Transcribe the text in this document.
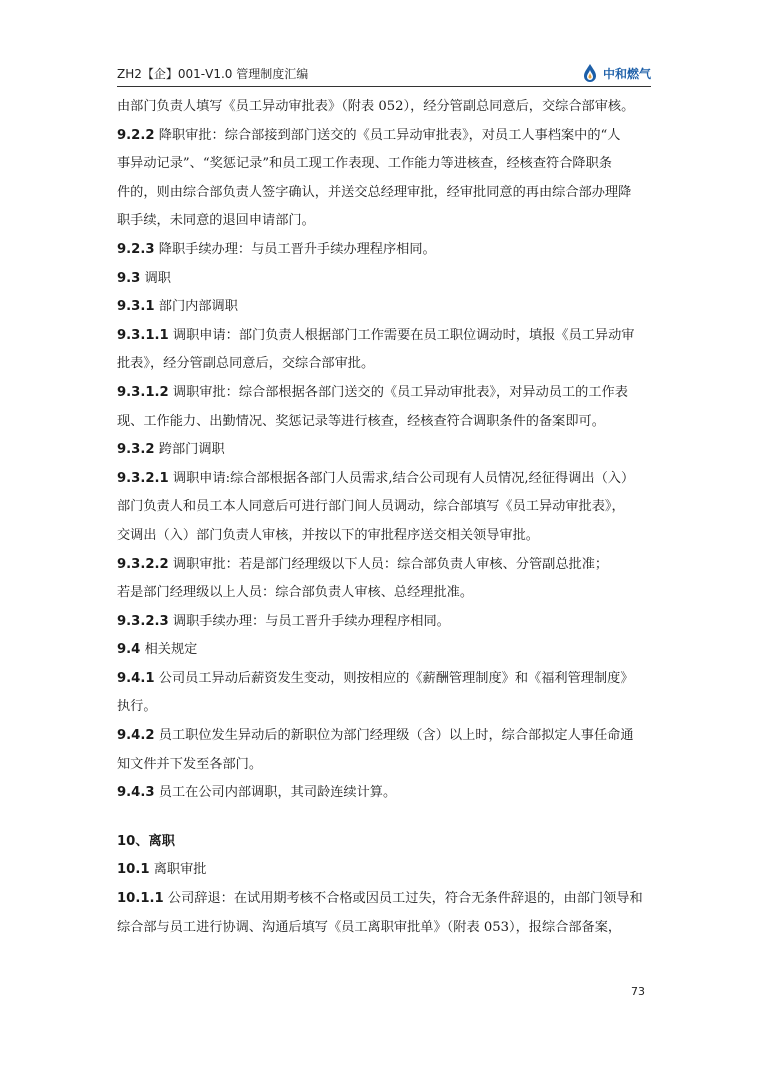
ZH2【企】001-V1.0 管理制度汇编	中和燃气
由部门负责人填写《员工异动审批表》（附表 052），经分管副总同意后，交综合部审核。
9.2.2 降职审批：综合部接到部门送交的《员工异动审批表》，对员工人事档案中的“人
事异动记录”、“奖惩记录”和员工现工作表现、工作能力等进核查，经核查符合降职条
件的，则由综合部负责人签字确认，并送交总经理审批，经审批同意的再由综合部办理降
职手续，未同意的退回申请部门。
9.2.3 降职手续办理：与员工晋升手续办理程序相同。
9.3 调职
9.3.1 部门内部调职
9.3.1.1 调职申请：部门负责人根据部门工作需要在员工职位调动时，填报《员工异动审
批表》，经分管副总同意后，交综合部审批。
9.3.1.2 调职审批：综合部根据各部门送交的《员工异动审批表》，对异动员工的工作表
现、工作能力、出勤情况、奖惩记录等进行核查，经核查符合调职条件的备案即可。
9.3.2 跨部门调职
9.3.2.1 调职申请:综合部根据各部门人员需求,结合公司现有人员情况,经征得调出（入）
部门负责人和员工本人同意后可进行部门间人员调动，综合部填写《员工异动审批表》，
交调出（入）部门负责人审核，并按以下的审批程序送交相关领导审批。
9.3.2.2 调职审批：若是部门经理级以下人员：综合部负责人审核、分管副总批准；
若是部门经理级以上人员：综合部负责人审核、总经理批准。
9.3.2.3 调职手续办理：与员工晋升手续办理程序相同。
9.4 相关规定
9.4.1 公司员工异动后薪资发生变动，则按相应的《薪酬管理制度》和《福利管理制度》
执行。
9.4.2 员工职位发生异动后的新职位为部门经理级（含）以上时，综合部拟定人事任命通
知文件并下发至各部门。
9.4.3 员工在公司内部调职，其司龄连续计算。
10、离职
10.1 离职审批
10.1.1 公司辞退：在试用期考核不合格或因员工过失，符合无条件辞退的，由部门领导和
综合部与员工进行协调、沟通后填写《员工离职审批单》（附表 053），报综合部备案，
73
